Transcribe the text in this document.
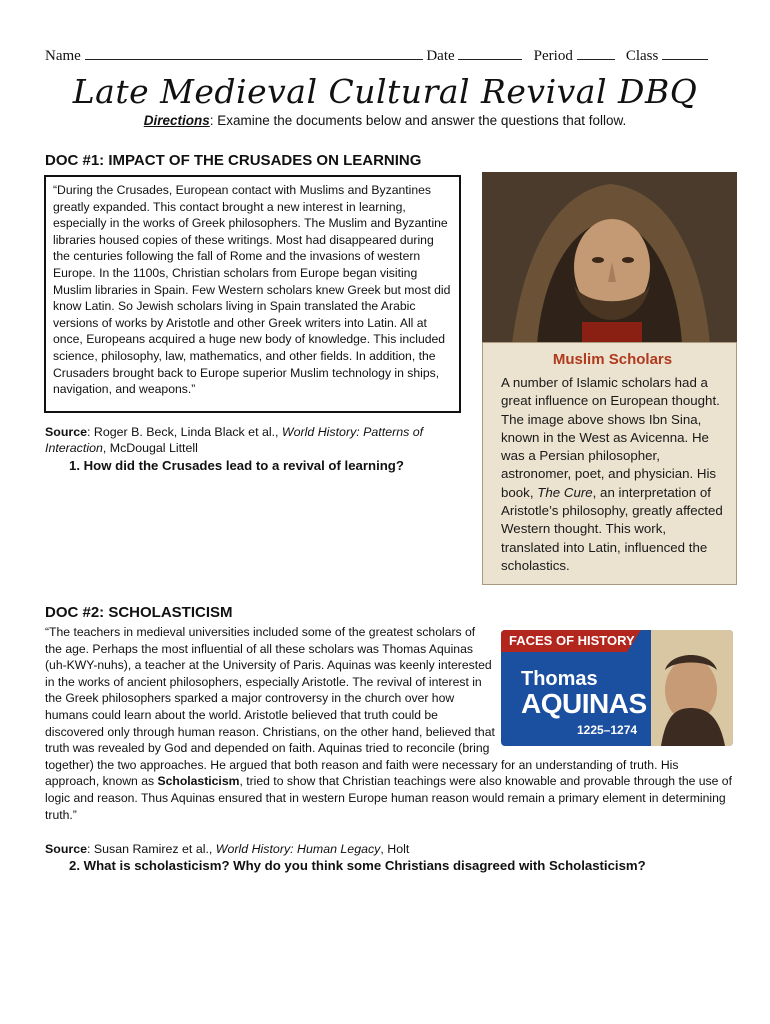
Name	Date	Period	Class
Late Medieval Cultural Revival DBQ
Directions: Examine the documents below and answer the questions that follow.
DOC #1: IMPACT OF THE CRUSADES ON LEARNING
“During the Crusades, European contact with Muslims and Byzantines greatly expanded. This contact brought a new interest in learning, especially in the works of Greek philosophers. The Muslim and Byzantine libraries housed copies of these writings. Most had disappeared during the centuries following the fall of Rome and the invasions of western Europe. In the 1100s, Christian scholars from Europe began visiting Muslim libraries in Spain. Few Western scholars knew Greek but most did know Latin. So Jewish scholars living in Spain translated the Arabic versions of works by Aristotle and other Greek writers into Latin. All at once, Europeans acquired a huge new body of knowledge. This included science, philosophy, law, mathematics, and other fields. In addition, the Crusaders brought back to Europe superior Muslim technology in ships, navigation, and weapons.”
Source: Roger B. Beck, Linda Black et al., World History: Patterns of Interaction, McDougal Littell
1. How did the Crusades lead to a revival of learning?
Muslim Scholars
A number of Islamic scholars had a great influence on European thought. The image above shows Ibn Sina, known in the West as Avicenna. He was a Persian philosopher, astronomer, poet, and physician. His book, The Cure, an interpretation of Aristotle’s philosophy, greatly affected Western thought. This work, translated into Latin, influenced the scholastics.
DOC #2: SCHOLASTICISM
FACES OF HISTORY
Thomas
AQUINAS
1225–1274
“The teachers in medieval universities included some of the greatest scholars of the age. Perhaps the most influential of all these scholars was Thomas Aquinas (uh-KWY-nuhs), a teacher at the University of Paris. Aquinas was keenly interested in the works of ancient philosophers, especially Aristotle. The revival of interest in the Greek philosophers sparked a major controversy in the church over how humans could learn about the world. Aristotle believed that truth could be discovered only through human reason. Christians, on the other hand, believed that truth was revealed by God and depended on faith. Aquinas tried to reconcile (bring together) the two approaches. He argued that both reason and faith were necessary for an understanding of truth. His approach, known as Scholasticism, tried to show that Christian teachings were also knowable and provable through the use of logic and reason. Thus Aquinas ensured that in western Europe human reason would remain a primary element in determining truth.”
Source: Susan Ramirez et al., World History: Human Legacy, Holt
2. What is scholasticism? Why do you think some Christians disagreed with Scholasticism?
